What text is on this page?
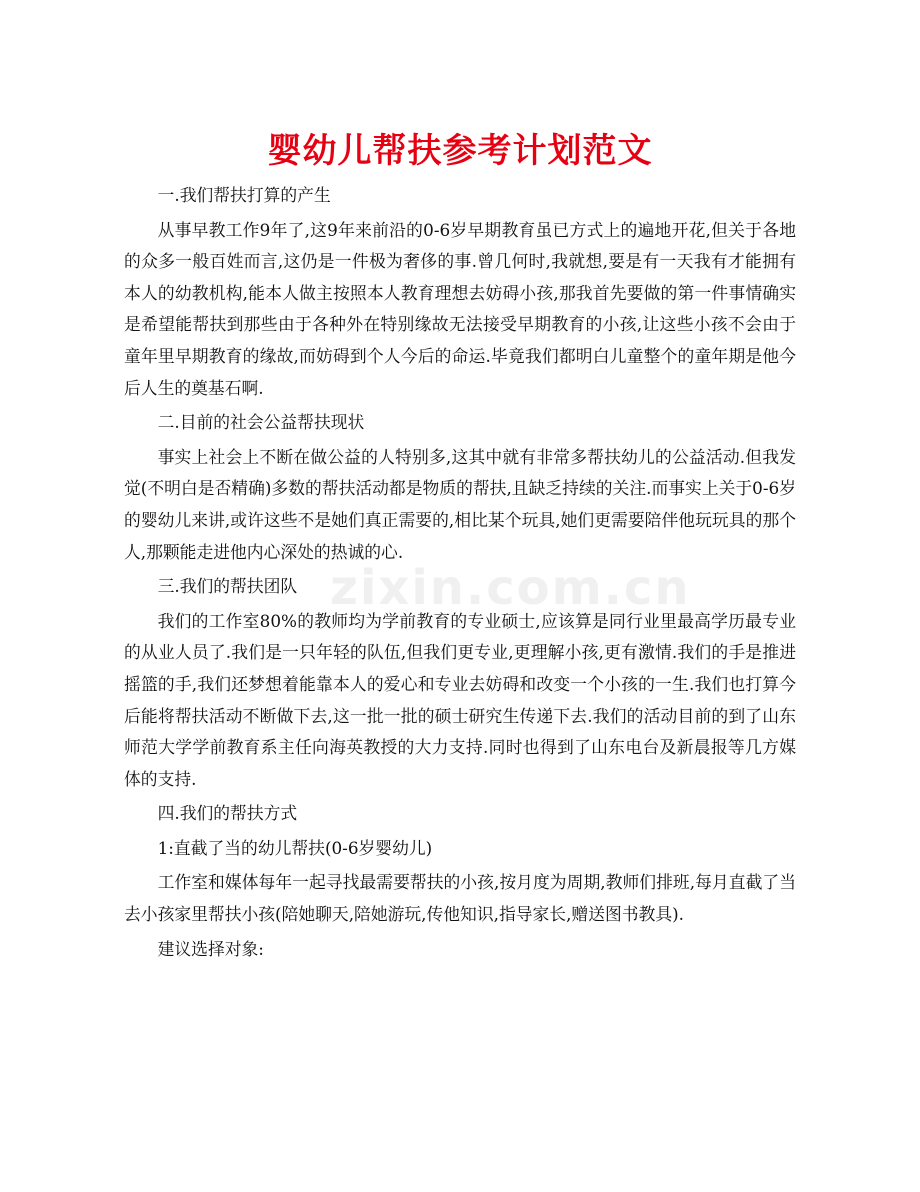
婴幼儿帮扶参考计划范文
zixin.com.cn

一.我们帮扶打算的产生

从事早教工作9年了,这9年来前沿的0-6岁早期教育虽已方式上的遍地开花,但关于各地的众多一般百姓而言,这仍是一件极为奢侈的事.曾几何时,我就想,要是有一天我有才能拥有本人的幼教机构,能本人做主按照本人教育理想去妨碍小孩,那我首先要做的第一件事情确实是希望能帮扶到那些由于各种外在特别缘故无法接受早期教育的小孩,让这些小孩不会由于童年里早期教育的缘故,而妨碍到个人今后的命运.毕竟我们都明白儿童整个的童年期是他今后人生的奠基石啊.

二.目前的社会公益帮扶现状

事实上社会上不断在做公益的人特别多,这其中就有非常多帮扶幼儿的公益活动.但我发觉(不明白是否精确)多数的帮扶活动都是物质的帮扶,且缺乏持续的关注.而事实上关于0-6岁的婴幼儿来讲,或许这些不是她们真正需要的,相比某个玩具,她们更需要陪伴他玩玩具的那个人,那颗能走进他内心深处的热诚的心.

三.我们的帮扶团队

我们的工作室80%的教师均为学前教育的专业硕士,应该算是同行业里最高学历最专业的从业人员了.我们是一只年轻的队伍,但我们更专业,更理解小孩,更有激情.我们的手是推进摇篮的手,我们还梦想着能靠本人的爱心和专业去妨碍和改变一个小孩的一生.我们也打算今后能将帮扶活动不断做下去,这一批一批的硕士研究生传递下去.我们的活动目前的到了山东师范大学学前教育系主任向海英教授的大力支持.同时也得到了山东电台及新晨报等几方媒体的支持.

四.我们的帮扶方式

1:直截了当的幼儿帮扶(0-6岁婴幼儿)

工作室和媒体每年一起寻找最需要帮扶的小孩,按月度为周期,教师们排班,每月直截了当去小孩家里帮扶小孩(陪她聊天,陪她游玩,传他知识,指导家长,赠送图书教具).

建议选择对象:
